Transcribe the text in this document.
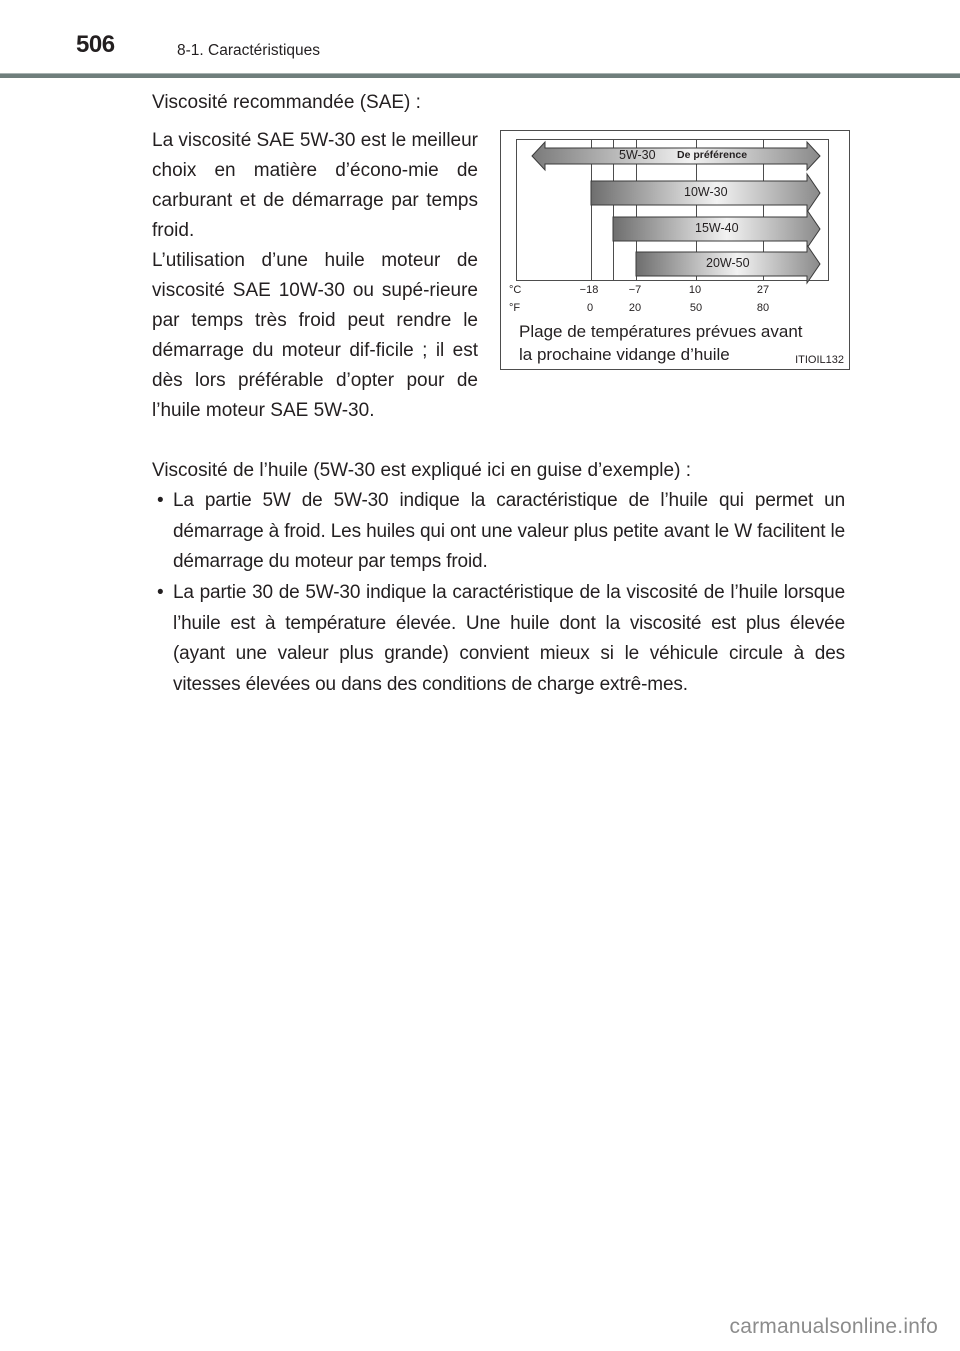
506	8-1. Caractéristiques
Viscosité recommandée (SAE) :
La viscosité SAE 5W-30 est le meilleur choix en matière d’écono-mie de carburant et de démarrage par temps froid.
L’utilisation d’une huile moteur de viscosité SAE 10W-30 ou supé-rieure par temps très froid peut rendre le démarrage du moteur dif-ficile ; il est dès lors préférable d’opter pour de l’huile moteur SAE 5W-30.
5W-30 De préférence
10W-30
15W-40
20W-50
°C
°F
−18	−7	10	27
0	20	50	80
Plage de températures prévues avant
la prochaine vidange d’huile	ITIOIL132
Viscosité de l’huile (5W-30 est expliqué ici en guise d’exemple) :
• La partie 5W de 5W-30 indique la caractéristique de l’huile qui permet un démarrage à froid. Les huiles qui ont une valeur plus petite avant le W facilitent le démarrage du moteur par temps froid.
• La partie 30 de 5W-30 indique la caractéristique de la viscosité de l’huile lorsque l’huile est à température élevée. Une huile dont la viscosité est plus élevée (ayant une valeur plus grande) convient mieux si le véhicule circule à des vitesses élevées ou dans des conditions de charge extrê-mes.
carmanualsonline.info
